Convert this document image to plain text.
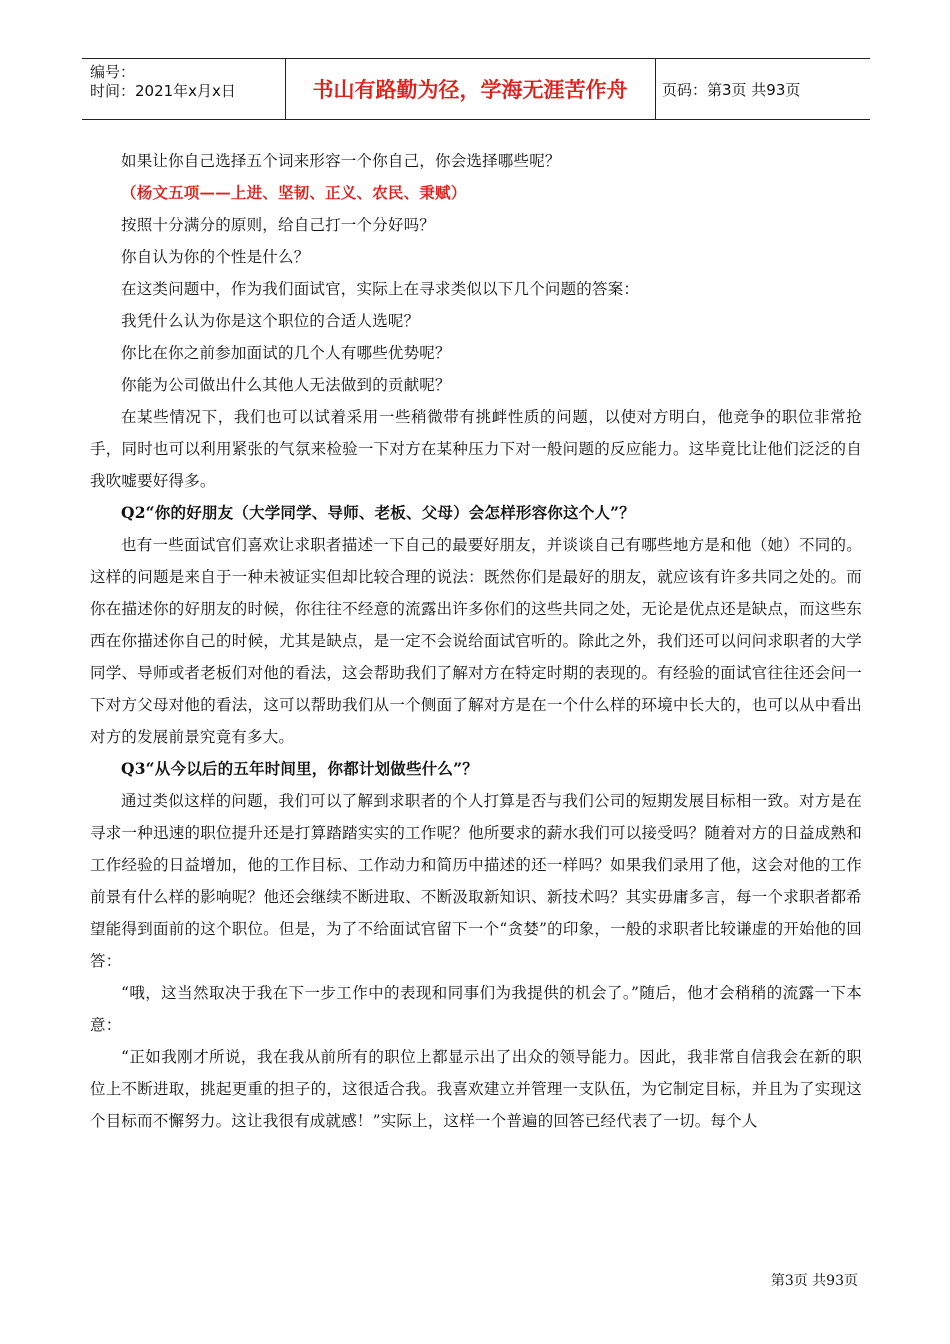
编号：
时间：2021年x月x日	书山有路勤为径，学海无涯苦作舟	页码：第3页 共93页

如果让你自己选择五个词来形容一个你自己，你会选择哪些呢？

（杨文五项——上进、坚韧、正义、农民、秉赋）

按照十分满分的原则，给自己打一个分好吗？

你自认为你的个性是什么？

在这类问题中，作为我们面试官，实际上在寻求类似以下几个问题的答案：

我凭什么认为你是这个职位的合适人选呢？

你比在你之前参加面试的几个人有哪些优势呢？

你能为公司做出什么其他人无法做到的贡献呢？

在某些情况下，我们也可以试着采用一些稍微带有挑衅性质的问题，以使对方明白，他竞争的职位非常抢手，同时也可以利用紧张的气氛来检验一下对方在某种压力下对一般问题的反应能力。这毕竟比让他们泛泛的自我吹嘘要好得多。

Q2“你的好朋友（大学同学、导师、老板、父母）会怎样形容你这个人”？

也有一些面试官们喜欢让求职者描述一下自己的最要好朋友，并谈谈自己有哪些地方是和他（她）不同的。这样的问题是来自于一种未被证实但却比较合理的说法：既然你们是最好的朋友，就应该有许多共同之处的。而你在描述你的好朋友的时候，你往往不经意的流露出许多你们的这些共同之处，无论是优点还是缺点，而这些东西在你描述你自己的时候，尤其是缺点，是一定不会说给面试官听的。除此之外，我们还可以问问求职者的大学同学、导师或者老板们对他的看法，这会帮助我们了解对方在特定时期的表现的。有经验的面试官往往还会问一下对方父母对他的看法，这可以帮助我们从一个侧面了解对方是在一个什么样的环境中长大的，也可以从中看出对方的发展前景究竟有多大。

Q3“从今以后的五年时间里，你都计划做些什么”？

通过类似这样的问题，我们可以了解到求职者的个人打算是否与我们公司的短期发展目标相一致。对方是在寻求一种迅速的职位提升还是打算踏踏实实的工作呢？他所要求的薪水我们可以接受吗？随着对方的日益成熟和工作经验的日益增加，他的工作目标、工作动力和简历中描述的还一样吗？如果我们录用了他，这会对他的工作前景有什么样的影响呢？他还会继续不断进取、不断汲取新知识、新技术吗？其实毋庸多言，每一个求职者都希望能得到面前的这个职位。但是，为了不给面试官留下一个“贪婪”的印象，一般的求职者比较谦虚的开始他的回答：

“哦，这当然取决于我在下一步工作中的表现和同事们为我提供的机会了。”随后，他才会稍稍的流露一下本意：

“正如我刚才所说，我在我从前所有的职位上都显示出了出众的领导能力。因此，我非常自信我会在新的职位上不断进取，挑起更重的担子的，这很适合我。我喜欢建立并管理一支队伍，为它制定目标，并且为了实现这个目标而不懈努力。这让我很有成就感！”实际上，这样一个普遍的回答已经代表了一切。每个人

第3页 共93页
